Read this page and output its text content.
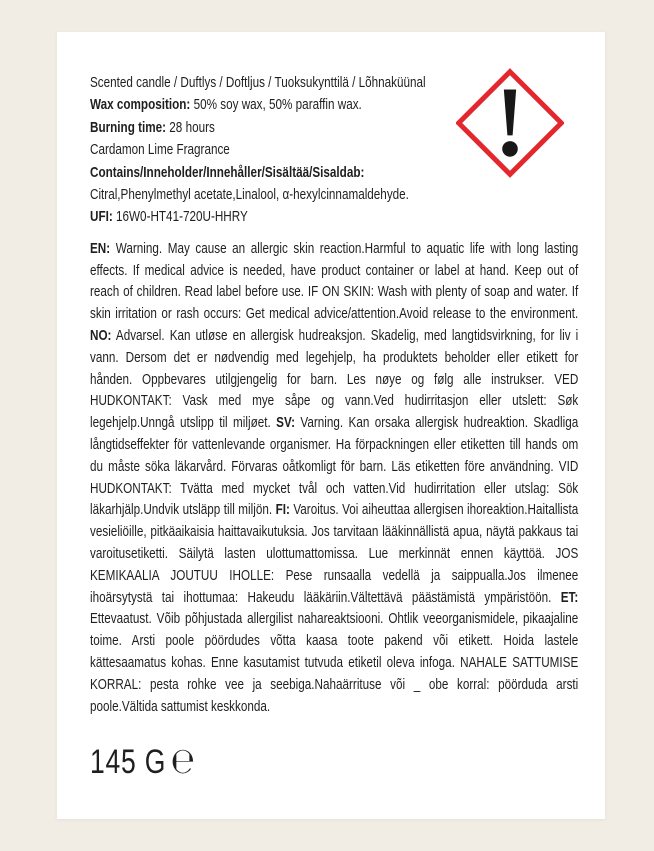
Scented candle / Duftlys / Doftljus / Tuoksukynttilä / Lõhnaküünal
Wax composition: 50% soy wax, 50% paraffin wax.
Burning time: 28 hours
Cardamon Lime Fragrance
Contains/Inneholder/Innehåller/Sisältää/Sisaldab:
Citral,Phenylmethyl acetate,Linalool, α-hexylcinnamaldehyde.
UFI: 16W0-HT41-720U-HHRY
EN: Warning. May cause an allergic skin reaction.Harmful to aquatic life with long lasting effects. If medical advice is needed, have product container or label at hand. Keep out of reach of children. Read label before use. IF ON SKIN: Wash with plenty of soap and water. If skin irritation or rash occurs: Get medical advice/attention.Avoid release to the environment. NO: Advarsel. Kan utløse en allergisk hudreaksjon. Skadelig, med langtidsvirkning, for liv i vann. Dersom det er nødvendig med legehjelp, ha produktets beholder eller etikett for hånden. Oppbevares utilgjengelig for barn. Les nøye og følg alle instrukser. VED HUDKONTAKT: Vask med mye såpe og vann.Ved hudirritasjon eller utslett: Søk legehjelp.Unngå utslipp til miljøet. SV: Varning. Kan orsaka allergisk hudreaktion. Skadliga långtidseffekter för vattenlevande organismer. Ha förpackningen eller etiketten till hands om du måste söka läkarvård. Förvaras oåtkomligt för barn. Läs etiketten före användning. VID HUDKONTAKT: Tvätta med mycket tvål och vatten.Vid hudirritation eller utslag: Sök läkarhjälp.Undvik utsläpp till miljön. FI: Varoitus. Voi aiheuttaa allergisen ihoreaktion.Haitallista vesieliöille, pitkäaikaisia haittavaikutuksia. Jos tarvitaan lääkinnällistä apua, näytä pakkaus tai varoitusetiketti. Säilytä lasten ulottumattomissa. Lue merkinnät ennen käyttöä. JOS KEMIKAALIA JOUTUU IHOLLE: Pese runsaalla vedellä ja saippualla.Jos ilmenee ihoärsytystä tai ihottumaa: Hakeudu lääkäriin.Vältettävä päästämistä ympäristöön. ET: Ettevaatust. Võib põhjustada allergilist nahareaktsiooni. Ohtlik veeorganismidele, pikaajaline toime. Arsti poole pöördudes võtta kaasa toote pakend või etikett. Hoida lastele kättesaamatus kohas. Enne kasutamist tutvuda etiketil oleva infoga. NAHALE SATTUMISE KORRAL: pesta rohke vee ja seebiga.Nahaärrituse või _ obe korral: pöörduda arsti poole.Vältida sattumist keskkonda.
145 G ℮
